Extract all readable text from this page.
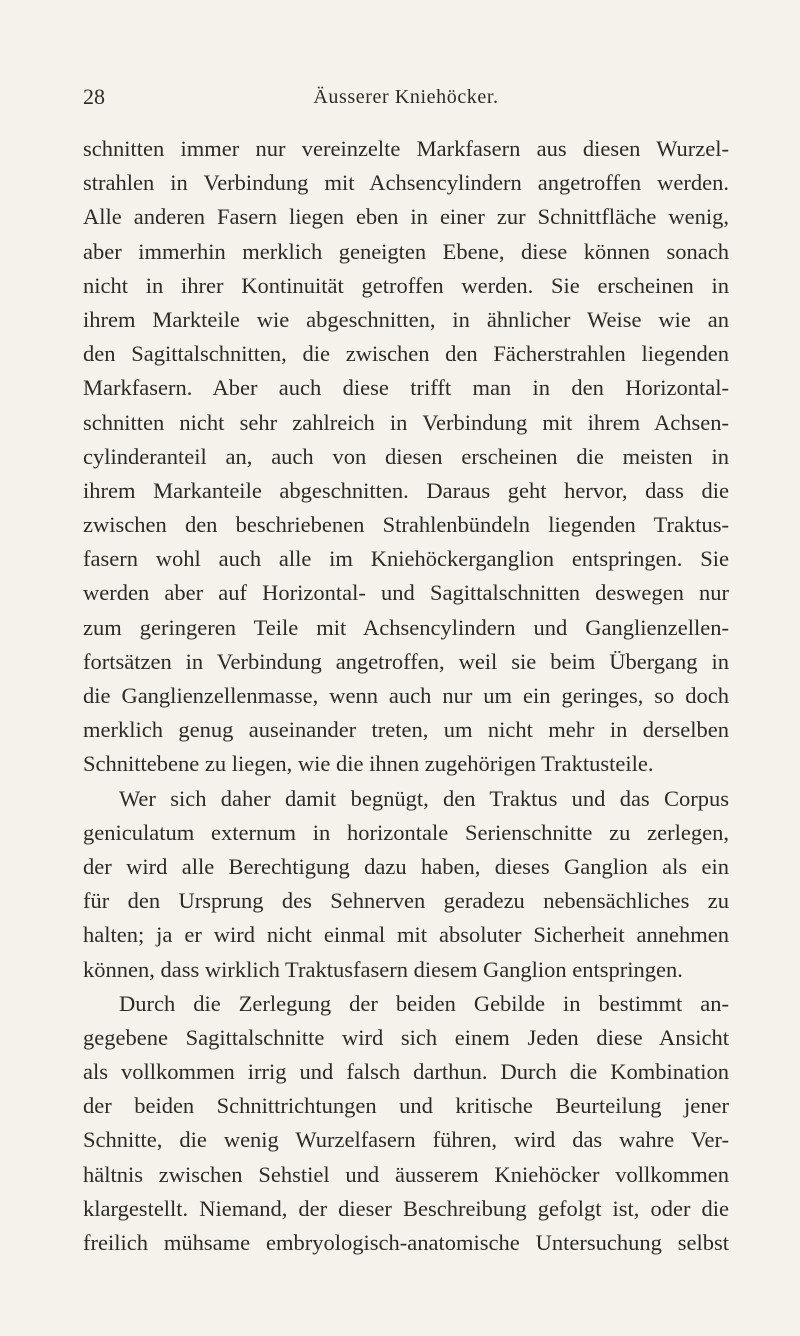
28	Äusserer Kniehöcker.
schnitten immer nur vereinzelte Markfasern aus diesen Wurzel-
strahlen in Verbindung mit Achsencylindern angetroffen werden.
Alle anderen Fasern liegen eben in einer zur Schnittfläche wenig,
aber immerhin merklich geneigten Ebene, diese können sonach
nicht in ihrer Kontinuität getroffen werden. Sie erscheinen in
ihrem Markteile wie abgeschnitten, in ähnlicher Weise wie an
den Sagittalschnitten, die zwischen den Fächerstrahlen liegenden
Markfasern. Aber auch diese trifft man in den Horizontal-
schnitten nicht sehr zahlreich in Verbindung mit ihrem Achsen-
cylinderanteil an, auch von diesen erscheinen die meisten in
ihrem Markanteile abgeschnitten. Daraus geht hervor, dass die
zwischen den beschriebenen Strahlenbündeln liegenden Traktus-
fasern wohl auch alle im Kniehöckerganglion entspringen. Sie
werden aber auf Horizontal- und Sagittalschnitten deswegen nur
zum geringeren Teile mit Achsencylindern und Ganglienzellen-
fortsätzen in Verbindung angetroffen, weil sie beim Übergang in
die Ganglienzellenmasse, wenn auch nur um ein geringes, so doch
merklich genug auseinander treten, um nicht mehr in derselben
Schnittebene zu liegen, wie die ihnen zugehörigen Traktusteile.
Wer sich daher damit begnügt, den Traktus und das Corpus
geniculatum externum in horizontale Serienschnitte zu zerlegen,
der wird alle Berechtigung dazu haben, dieses Ganglion als ein
für den Ursprung des Sehnerven geradezu nebensächliches zu
halten; ja er wird nicht einmal mit absoluter Sicherheit annehmen
können, dass wirklich Traktusfasern diesem Ganglion entspringen.
Durch die Zerlegung der beiden Gebilde in bestimmt an-
gegebene Sagittalschnitte wird sich einem Jeden diese Ansicht
als vollkommen irrig und falsch darthun. Durch die Kombination
der beiden Schnittrichtungen und kritische Beurteilung jener
Schnitte, die wenig Wurzelfasern führen, wird das wahre Ver-
hältnis zwischen Sehstiel und äusserem Kniehöcker vollkommen
klargestellt. Niemand, der dieser Beschreibung gefolgt ist, oder die
freilich mühsame embryologisch-anatomische Untersuchung selbst
